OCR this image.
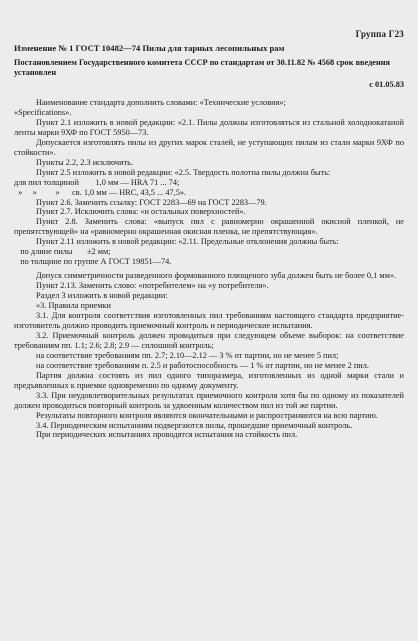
Группа Г23
Изменение № 1 ГОСТ 10482—74 Пилы для тарных лесопильных рам
Постановлением Государственного комитета СССР по стандартам от 30.11.82 № 4568 срок введения установлен
с 01.05.83

Наименование стандарта дополнить словами: «Технические условия»;

«Specifications».

Пункт 2.1 изложить в новой редакции: «2.1. Пилы должны изготовляться из стальной холоднокатаной ленты марки 9ХФ по ГОСТ 5950—73.

Допускается изготовлять пилы из других марок сталей, не уступающих пилам из стали марки 9ХФ по стойкости».

Пункты 2.2, 2.3 исключить.

Пункт 2.5 изложить в новой редакции: «2.5. Твердость полотна пилы должна быть:

для пил толщиной        1,0 мм — HRA 71 ... 74;

»     »         »      св. 1,0 мм — HRC, 43,5 ... 47,5».

Пункт 2.6. Заменить ссылку: ГОСТ 2283—69 на ГОСТ 2283—79.

Пункт 2.7. Исключить слова: «и остальных поверхностей».

Пункт 2.8. Заменить слова: «выпуск пил с равномерно окрашенной окисной пленкой, не препятствующей» на «равномерно окрашенная окисная пленка, не препятствующая».

Пункт 2.11 изложить в новой редакции: «2.11. Предельные отклонения должны быть:

по длине пилы       ±2 мм;

по толщине по группе А ГОСТ 19851—74.

Допуск симметричности разведенного формованного плющеного зуба должен быть не более 0,1 мм».

Пункт 2.13. Заменить слово: «потребителем» на «у потребителя».

Раздел 3 изложить в новой редакции:

«3. Правила приемки

3.1. Для контроля соответствия изготовленных пил требованиям настоящего стандарта предприятие-изготовитель должно проводить приемочный контроль и периодические испытания.

3.2. Приемочный контроль должен проводиться при следующем объеме выборок: на соответствие требованиям пп. 1.1; 2.6; 2.8; 2.9 — сплошной контроль;

на соответствие требованиям пп. 2.7; 2.10—2.12 — 3 % от партии, но не менее 5 пил;

на соответствие требованиям п. 2.5 и работоспособность — 1 % от партии, но не менее 2 пил.

Партия должна состоять из пил одного типоразмера, изготовленных из одной марки стали и предъявленных к приемке одновременно по одному документу.

3.3. При неудовлетворительных результатах приемочного контроля хотя бы по одному из показателей должен проводиться повторный контроль за удвоенным количеством пил из той же партии.

Результаты повторного контроля являются окончательными и распространяются на всю партию.

3.4. Периодическим испытаниям подвергаются пилы, прошедшие приемочный контроль.

При периодических испытаниях проводятся испытания на стойкость пил.
